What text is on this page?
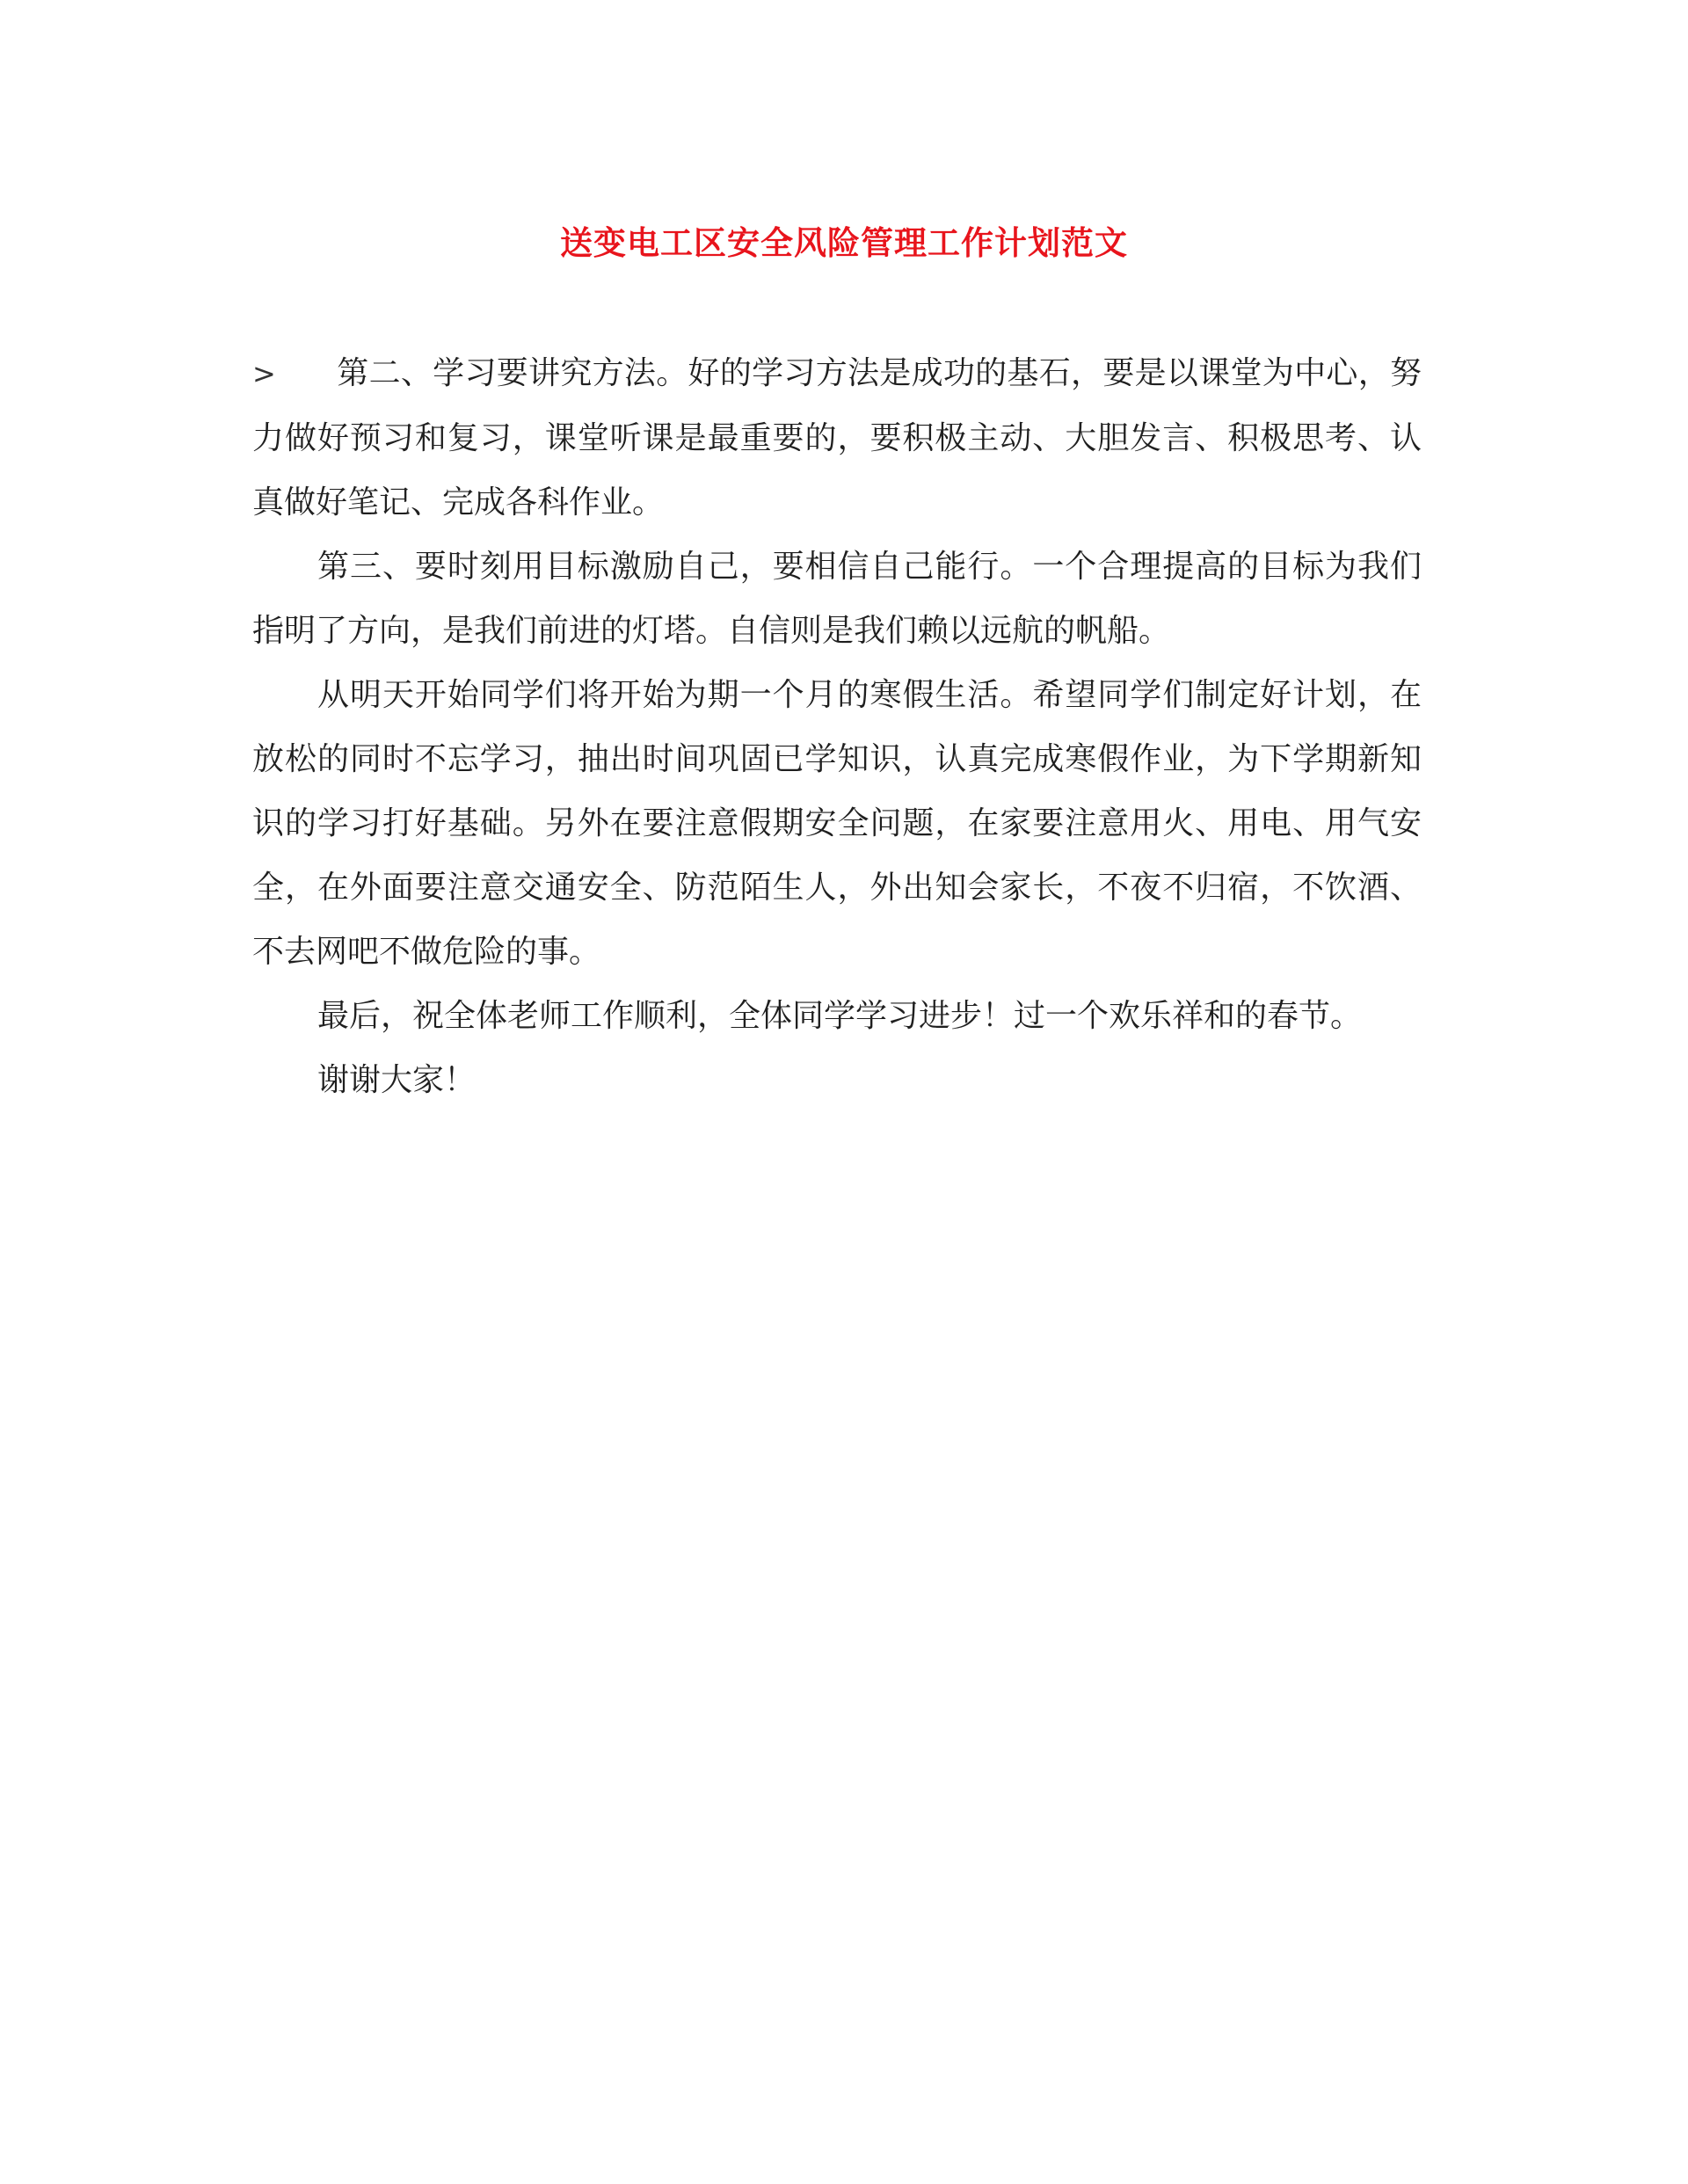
送变电工区安全风险管理工作计划范文

> 第二、学习要讲究方法。好的学习方法是成功的基石，要是以课堂为中心，努力做好预习和复习，课堂听课是最重要的，要积极主动、大胆发言、积极思考、认真做好笔记、完成各科作业。

第三、要时刻用目标激励自己，要相信自己能行。一个合理提高的目标为我们指明了方向，是我们前进的灯塔。自信则是我们赖以远航的帆船。

从明天开始同学们将开始为期一个月的寒假生活。希望同学们制定好计划，在放松的同时不忘学习，抽出时间巩固已学知识，认真完成寒假作业，为下学期新知识的学习打好基础。另外在要注意假期安全问题，在家要注意用火、用电、用气安全，在外面要注意交通安全、防范陌生人，外出知会家长，不夜不归宿，不饮酒、不去网吧不做危险的事。

最后，祝全体老师工作顺利，全体同学学习进步！过一个欢乐祥和的春节。

谢谢大家！
